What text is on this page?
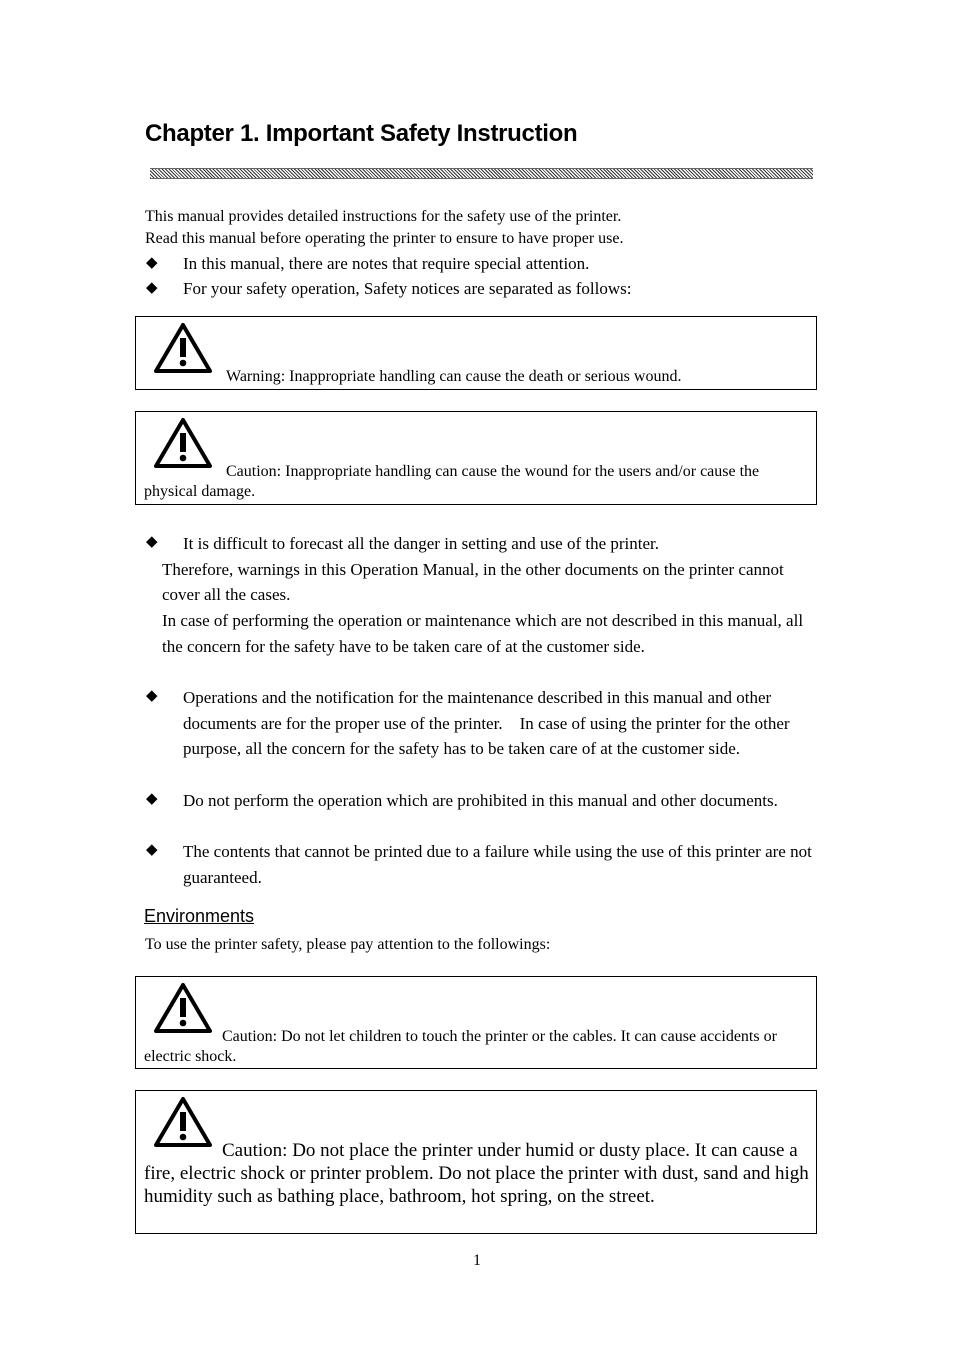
Chapter 1. Important Safety Instruction
This manual provides detailed instructions for the safety use of the printer.
Read this manual before operating the printer to ensure to have proper use.
◆ In this manual, there are notes that require special attention.
◆ For your safety operation, Safety notices are separated as follows:
Warning: Inappropriate handling can cause the death or serious wound.
Caution: Inappropriate handling can cause the wound for the users and/or cause the physical damage.
◆	It is difficult to forecast all the danger in setting and use of the printer.
Therefore, warnings in this Operation Manual, in the other documents on the printer cannot cover all the cases.
In case of performing the operation or maintenance which are not described in this manual, all the concern for the safety have to be taken care of at the customer side.
◆	Operations and the notification for the maintenance described in this manual and other documents are for the proper use of the printer.　In case of using the printer for the other purpose, all the concern for the safety has to be taken care of at the customer side.
◆	Do not perform the operation which are prohibited in this manual and other documents.
◆	The contents that cannot be printed due to a failure while using the use of this printer are not guaranteed.
Environments
To use the printer safety, please pay attention to the followings:
Caution: Do not let children to touch the printer or the cables. It can cause accidents or electric shock.
Caution: Do not place the printer under humid or dusty place. It can cause a fire, electric shock or printer problem. Do not place the printer with dust, sand and high humidity such as bathing place, bathroom, hot spring, on the street.
1
